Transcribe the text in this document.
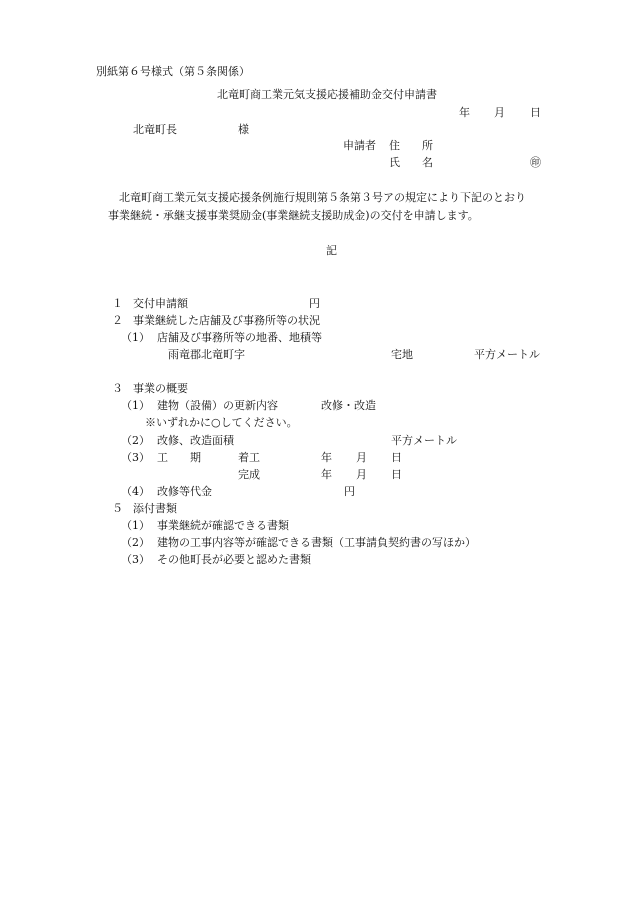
別紙第６号様式（第５条関係）
北竜町商工業元気支援応援補助金交付申請書
年 月 日
北竜町長	様
申請者 住　　所
氏　　名	㊞
北竜町商工業元気支援応援条例施行規則第５条第３号アの規定により下記のとおり
事業継続・承継支援事業奨励金(事業継続支援助成金)の交付を申請します。
記
１ 交付申請額	円
２ 事業継続した店舗及び事務所等の状況
（1） 店舗及び事務所等の地番、地積等
雨竜郡北竜町字	宅地	平方メートル
３ 事業の概要
（1） 建物（設備）の更新内容	改修・改造
※いずれかに○してください。
（2） 改修、改造面積	平方メートル
（3） 工　　期	着工	年 月 日
完成	年 月 日
（4） 改修等代金	円
５ 添付書類
（1） 事業継続が確認できる書類
（2） 建物の工事内容等が確認できる書類（工事請負契約書の写ほか）
（3） その他町長が必要と認めた書類
